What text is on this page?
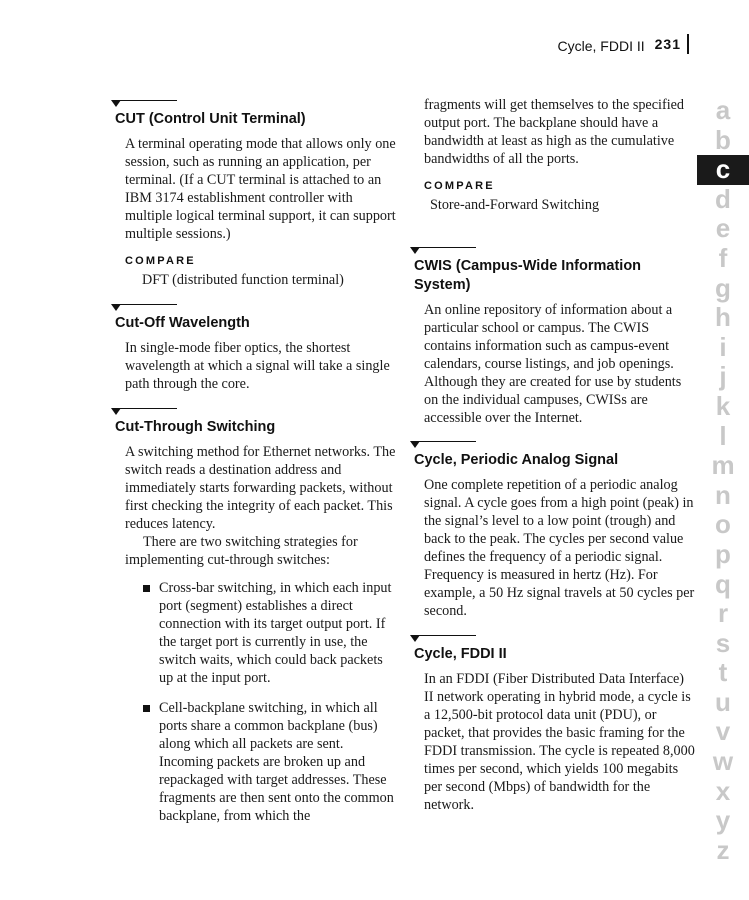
Cycle, FDDI II 231
CUT (Control Unit Terminal)

A terminal operating mode that allows only one session, such as running an application, per terminal. (If a CUT terminal is attached to an IBM 3174 establishment controller with multiple logical terminal support, it can support multiple sessions.)

COMPARE
DFT (distributed function terminal)
Cut-Off Wavelength

In single-mode fiber optics, the shortest wavelength at which a signal will take a single path through the core.

Cut-Through Switching

A switching method for Ethernet networks. The switch reads a destination address and immediately starts forwarding packets, without first checking the integrity of each packet. This reduces latency.

There are two switching strategies for implementing cut-through switches:

Cross-bar switching, in which each input port (segment) establishes a direct connection with its target output port. If the target port is currently in use, the switch waits, which could back packets up at the input port.
Cell-backplane switching, in which all ports share a common backplane (bus) along which all packets are sent. Incoming packets are broken up and repackaged with target addresses. These fragments are then sent onto the common backplane, from which the

fragments will get themselves to the specified output port. The backplane should have a bandwidth at least as high as the cumulative bandwidths of all the ports.

COMPARE
Store-and-Forward Switching
CWIS (Campus-Wide Information System)

An online repository of information about a particular school or campus. The CWIS contains information such as campus-event calendars, course listings, and job openings. Although they are created for use by students on the individual campuses, CWISs are accessible over the Internet.

Cycle, Periodic Analog Signal

One complete repetition of a periodic analog signal. A cycle goes from a high point (peak) in the signal’s level to a low point (trough) and back to the peak. The cycles per second value defines the frequency of a periodic signal. Frequency is measured in hertz (Hz). For example, a 50 Hz signal travels at 50 cycles per second.

Cycle, FDDI II

In an FDDI (Fiber Distributed Data Interface) II network operating in hybrid mode, a cycle is a 12,500-bit protocol data unit (PDU), or packet, that provides the basic framing for the FDDI transmission. The cycle is repeated 8,000 times per second, which yields 100 megabits per second (Mbps) of bandwidth for the network.

a
b
c
d
e
f
g
h
i
j
k
l
m
n
o
p
q
r
s
t
u
v
w
x
y
z
